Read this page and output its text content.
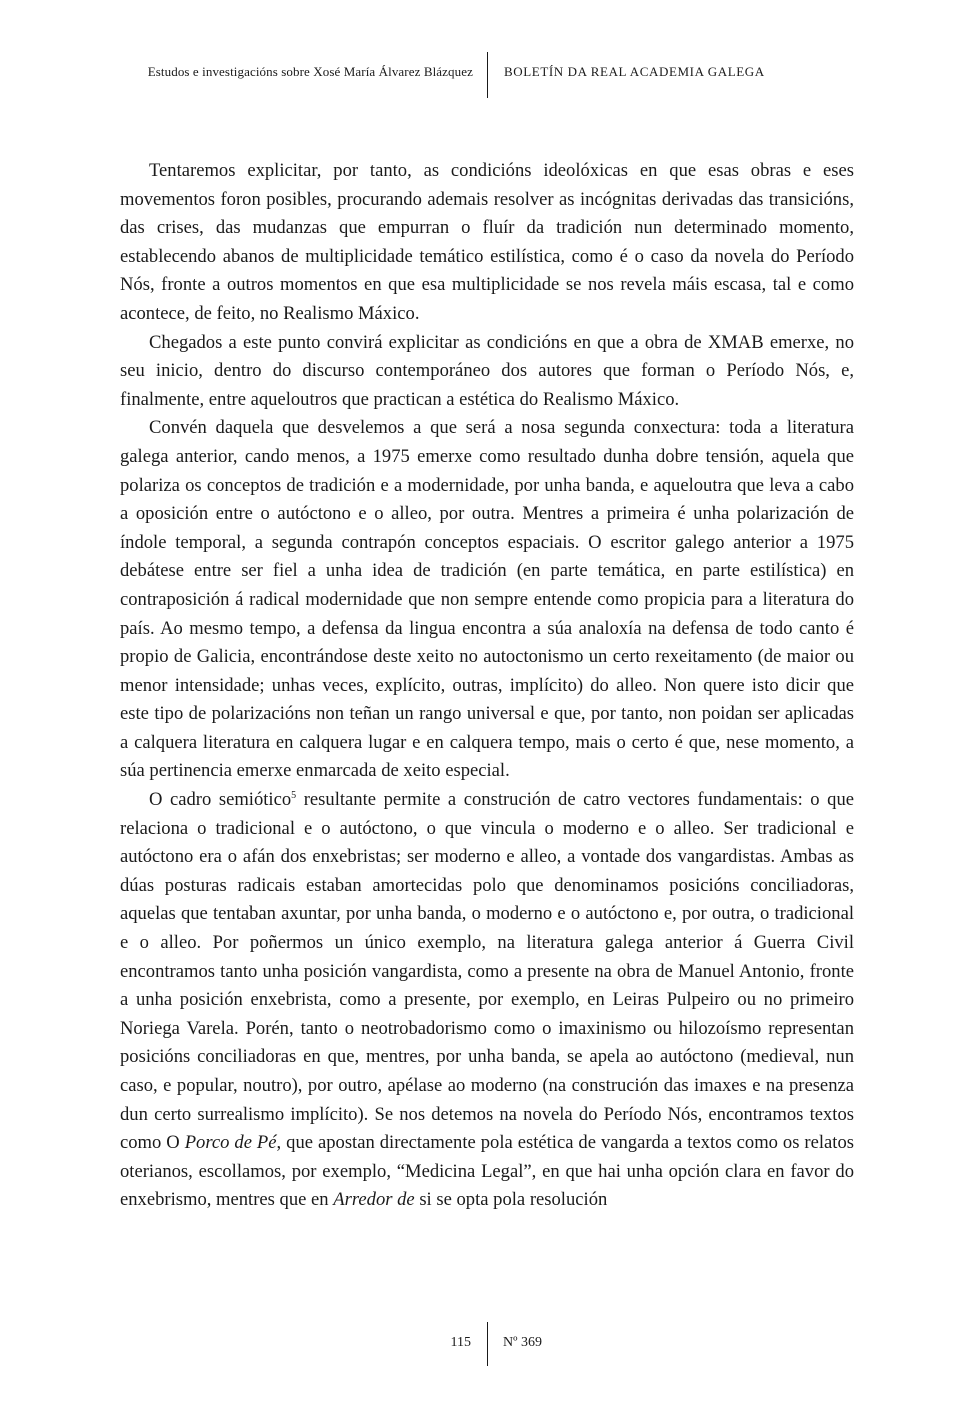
Estudos e investigacións sobre Xosé María Álvarez Blázquez BOLETÍN DA REAL ACADEMIA GALEGA

Tentaremos explicitar, por tanto, as condicións ideolóxicas en que esas obras e eses movementos foron posibles, procurando ademais resolver as incógnitas derivadas das transicións, das crises, das mudanzas que empurran o fluír da tradición nun determinado momento, establecendo abanos de multiplicidade temático estilística, como é o caso da novela do Período Nós, fronte a outros momentos en que esa multiplicidade se nos revela máis escasa, tal e como acontece, de feito, no Realismo Máxico.

Chegados a este punto convirá explicitar as condicións en que a obra de XMAB emerxe, no seu inicio, dentro do discurso contemporáneo dos autores que forman o Período Nós, e, finalmente, entre aqueloutros que practican a estética do Realismo Máxico.

Convén daquela que desvelemos a que será a nosa segunda conxectura: toda a literatura galega anterior, cando menos, a 1975 emerxe como resultado dunha dobre tensión, aquela que polariza os conceptos de tradición e a modernidade, por unha banda, e aqueloutra que leva a cabo a oposición entre o autóctono e o alleo, por outra. Mentres a primeira é unha polarización de índole temporal, a segunda contrapón conceptos espaciais. O escritor galego anterior a 1975 debátese entre ser fiel a unha idea de tradición (en parte temática, en parte estilística) en contraposición á radical modernidade que non sempre entende como propicia para a literatura do país. Ao mesmo tempo, a defensa da lingua encontra a súa analoxía na defensa de todo canto é propio de Galicia, encontrándose deste xeito no autoctonismo un certo rexeitamento (de maior ou menor intensidade; unhas veces, explícito, outras, implícito) do alleo. Non quere isto dicir que este tipo de polarizacións non teñan un rango universal e que, por tanto, non poidan ser aplicadas a calquera literatura en calquera lugar e en calquera tempo, mais o certo é que, nese momento, a súa pertinencia emerxe enmarcada de xeito especial.

O cadro semiótico$^5$ resultante permite a construción de catro vectores fundamentais: o que relaciona o tradicional e o autóctono, o que vincula o moderno e o alleo. Ser tradicional e autóctono era o afán dos enxebristas; ser moderno e alleo, a vontade dos vangardistas. Ambas as dúas posturas radicais estaban amortecidas polo que denominamos posicións conciliadoras, aquelas que tentaban axuntar, por unha banda, o moderno e o autóctono e, por outra, o tradicional e o alleo. Por poñermos un único exemplo, na literatura galega anterior á Guerra Civil encontramos tanto unha posición vangardista, como a presente na obra de Manuel Antonio, fronte a unha posición enxebrista, como a presente, por exemplo, en Leiras Pulpeiro ou no primeiro Noriega Varela. Porén, tanto o neotrobadorismo como o imaxinismo ou hilozoísmo representan posicións conciliadoras en que, mentres, por unha banda, se apela ao autóctono (medieval, nun caso, e popular, noutro), por outro, apélase ao moderno (na construción das imaxes e na presenza dun certo surrealismo implícito). Se nos detemos na novela do Período Nós, encontramos textos como O Porco de Pé, que apostan directamente pola estética de vangarda a textos como os relatos oterianos, escollamos, por exemplo, “Medicina Legal”, en que hai unha opción clara en favor do enxebrismo, mentres que en Arredor de si se opta pola resolución

115 Nº 369
